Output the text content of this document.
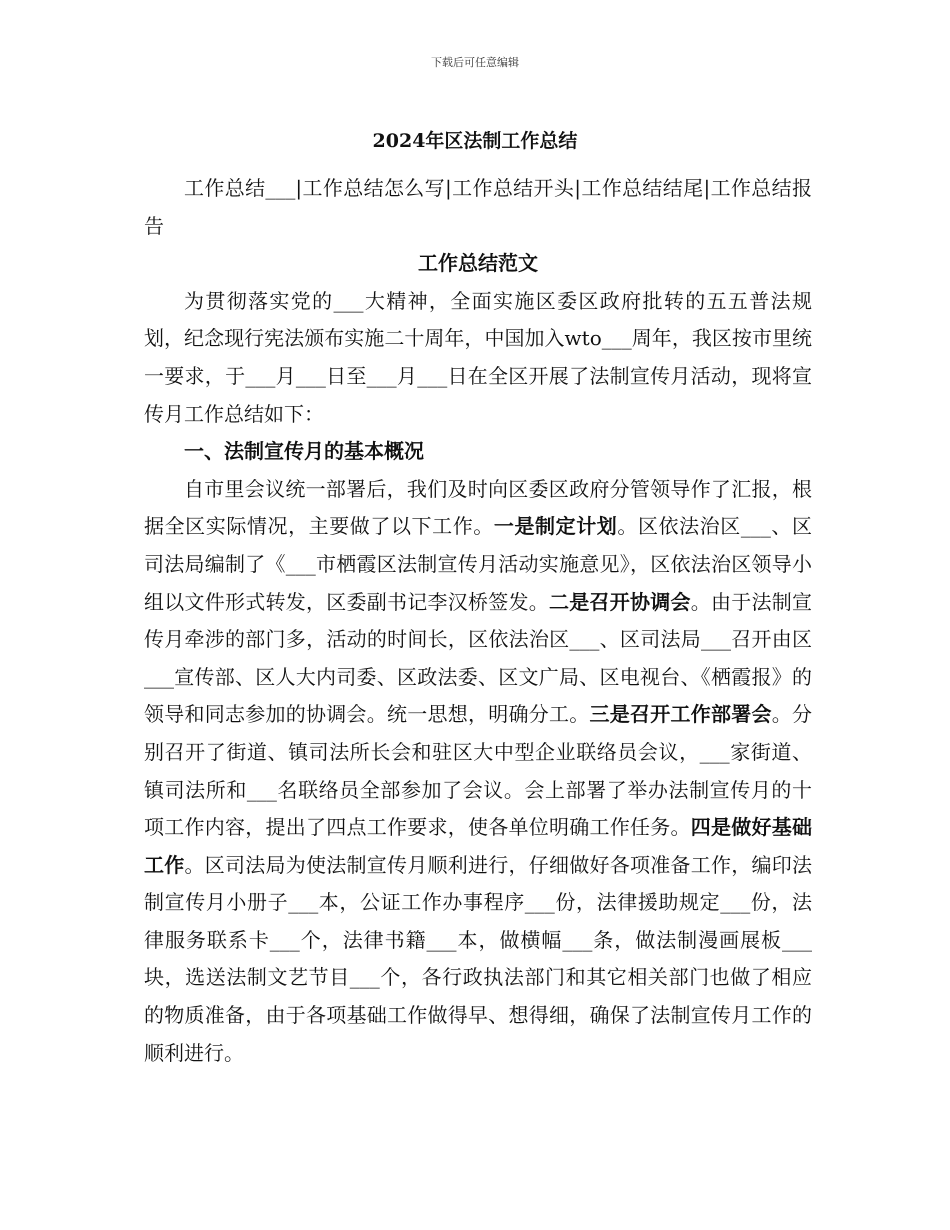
下载后可任意编辑
2024年区法制工作总结

工作总结___|工作总结怎么写|工作总结开头|工作总结结尾|工作总结报告

工作总结范文

为贯彻落实党的___大精神，全面实施区委区政府批转的五五普法规划，纪念现行宪法颁布实施二十周年，中国加入wto___周年，我区按市里统一要求，于___月___日至___月___日在全区开展了法制宣传月活动，现将宣传月工作总结如下：

一、法制宣传月的基本概况

自市里会议统一部署后，我们及时向区委区政府分管领导作了汇报，根据全区实际情况，主要做了以下工作。一是制定计划。区依法治区___、区司法局编制了《___市栖霞区法制宣传月活动实施意见》，区依法治区领导小组以文件形式转发，区委副书记李汉桥签发。二是召开协调会。由于法制宣传月牵涉的部门多，活动的时间长，区依法治区___、区司法局___召开由区___宣传部、区人大内司委、区政法委、区文广局、区电视台、《栖霞报》的领导和同志参加的协调会。统一思想，明确分工。三是召开工作部署会。分别召开了街道、镇司法所长会和驻区大中型企业联络员会议，___家街道、镇司法所和___名联络员全部参加了会议。会上部署了举办法制宣传月的十项工作内容，提出了四点工作要求，使各单位明确工作任务。四是做好基础工作。区司法局为使法制宣传月顺利进行，仔细做好各项准备工作，编印法制宣传月小册子___本，公证工作办事程序___份，法律援助规定___份，法律服务联系卡___个，法律书籍___本，做横幅___条，做法制漫画展板___块，选送法制文艺节目___个，各行政执法部门和其它相关部门也做了相应的物质准备，由于各项基础工作做得早、想得细，确保了法制宣传月工作的顺利进行。
